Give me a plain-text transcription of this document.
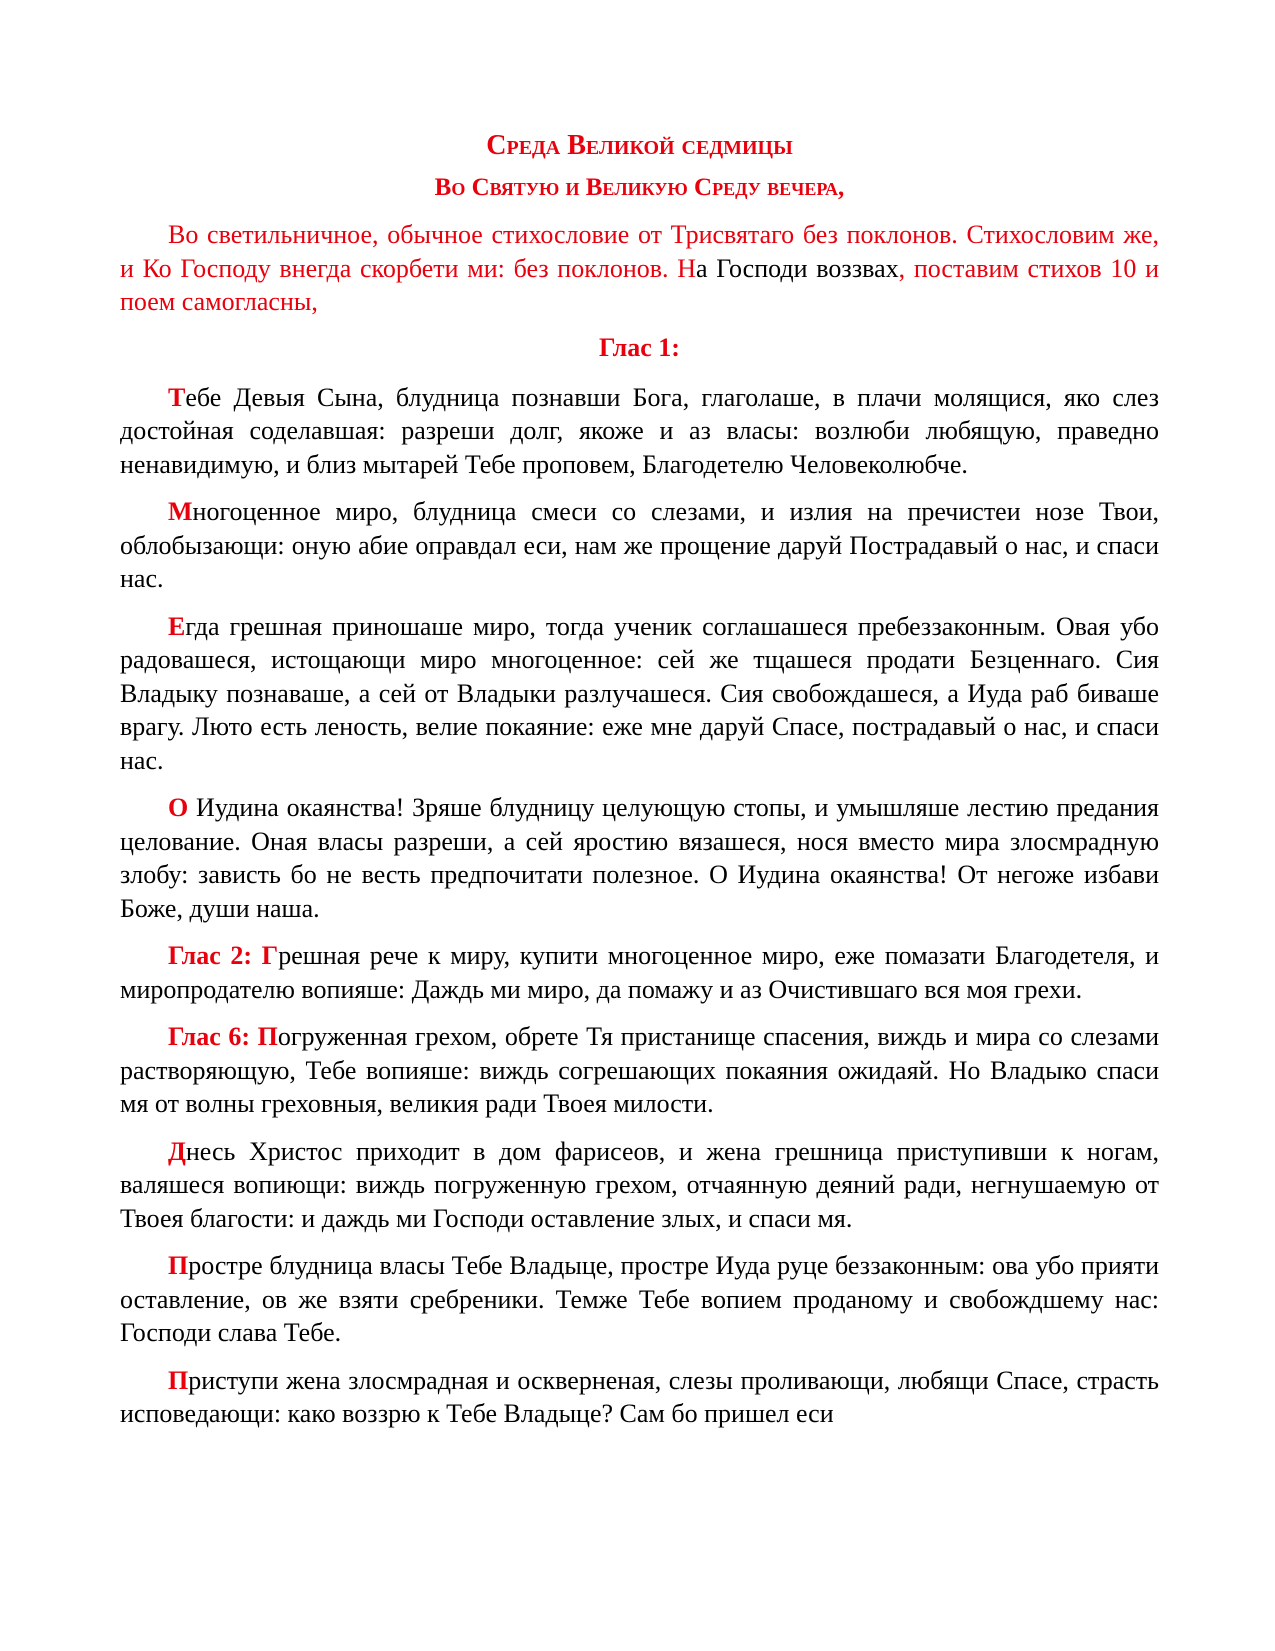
Среда Великой седмицы
Во Святую и Великую Среду вечера,

Во светильничное, обычное стихословие от Трисвятаго без поклонов. Стихословим же, и Ко Господу внегда скорбети ми: без поклонов. На Господи воззвах, поставим стихов 10 и поем самогласны,

Глас 1:

Тебе Девыя Сына, блудница познавши Бога, глаголаше, в плачи молящися, яко слез достойная соделавшая: разреши долг, якоже и аз власы: возлюби любящую, праведно ненавидимую, и близ мытарей Тебе проповем, Благодетелю Человеколюбче.

Многоценное миро, блудница смеси со слезами, и излия на пречистеи нозе Твои, облобызающи: оную абие оправдал еси, нам же прощение даруй Пострадавый о нас, и спаси нас.

Егда грешная приношаше миро, тогда ученик соглашашеся пребеззаконным. Овая убо радовашеся, истощающи миро многоценное: сей же тщашеся продати Безценнаго. Сия Владыку познаваше, а сей от Владыки разлучашеся. Сия свобождашеся, а Иуда раб биваше врагу. Люто есть леность, велие покаяние: еже мне даруй Спасе, пострадавый о нас, и спаси нас.

О Иудина окаянства! Зряше блудницу целующую стопы, и умышляше лестию предания целование. Оная власы разреши, а сей яростию вязашеся, нося вместо мира злосмрадную злобу: зависть бо не весть предпочитати полезное. О Иудина окаянства! От негоже избави Боже, души наша.

Глас 2: Грешная рече к миру, купити многоценное миро, еже помазати Благодетеля, и миропродателю вопияше: Даждь ми миро, да помажу и аз Очистившаго вся моя грехи.

Глас 6: Погруженная грехом, обрете Тя пристанище спасения, виждь и мира со слезами растворяющую, Тебе вопияше: виждь согрешающих покаяния ожидаяй. Но Владыко спаси мя от волны греховныя, великия ради Твоея милости.

Днесь Христос приходит в дом фарисеов, и жена грешница приступивши к ногам, валяшеся вопиющи: виждь погруженную грехом, отчаянную деяний ради, негнушаемую от Твоея благости: и даждь ми Господи оставление злых, и спаси мя.

Простре блудница власы Тебе Владыце, простре Иуда руце беззаконным: ова убо прияти оставление, ов же взяти сребреники. Темже Тебе вопием проданому и свобождшему нас: Господи слава Тебе.

Приступи жена злосмрадная и оскверненая, слезы проливающи, любящи Спасе, страсть исповедающи: како воззрю к Тебе Владыце? Сам бо пришел еси
